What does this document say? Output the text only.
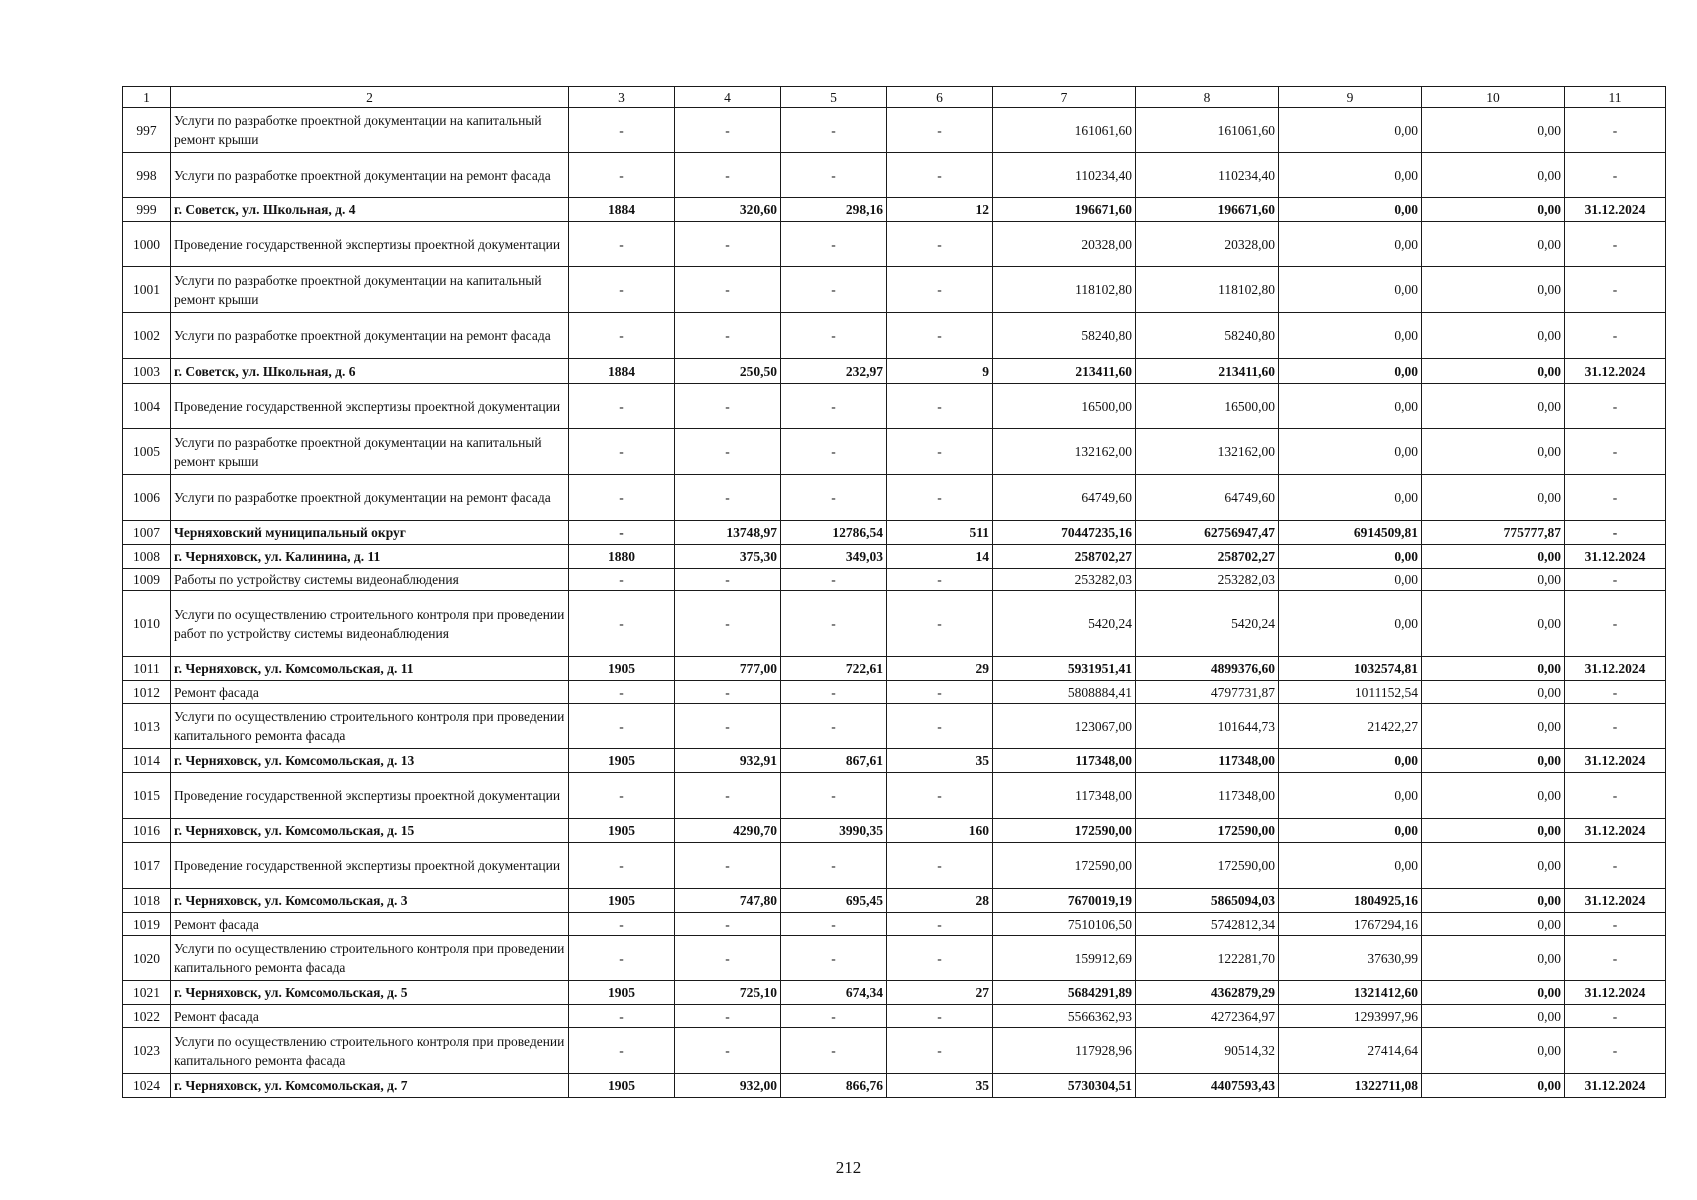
1	2	3	4	5	6	7	8	9	10	11
997	Услуги по разработке проектной документации на капитальный ремонт крыши	-	-	-	-	161061,60	161061,60	0,00	0,00	-
998	Услуги по разработке проектной документации на ремонт фасада	-	-	-	-	110234,40	110234,40	0,00	0,00	-
999	г. Советск, ул. Школьная, д. 4	1884	320,60	298,16	12	196671,60	196671,60	0,00	0,00	31.12.2024
1000	Проведение государственной экспертизы проектной документации	-	-	-	-	20328,00	20328,00	0,00	0,00	-
1001	Услуги по разработке проектной документации на капитальный ремонт крыши	-	-	-	-	118102,80	118102,80	0,00	0,00	-
1002	Услуги по разработке проектной документации на ремонт фасада	-	-	-	-	58240,80	58240,80	0,00	0,00	-
1003	г. Советск, ул. Школьная, д. 6	1884	250,50	232,97	9	213411,60	213411,60	0,00	0,00	31.12.2024
1004	Проведение государственной экспертизы проектной документации	-	-	-	-	16500,00	16500,00	0,00	0,00	-
1005	Услуги по разработке проектной документации на капитальный ремонт крыши	-	-	-	-	132162,00	132162,00	0,00	0,00	-
1006	Услуги по разработке проектной документации на ремонт фасада	-	-	-	-	64749,60	64749,60	0,00	0,00	-
1007	Черняховский муниципальный округ	-	13748,97	12786,54	511	70447235,16	62756947,47	6914509,81	775777,87	-
1008	г. Черняховск, ул. Калинина, д. 11	1880	375,30	349,03	14	258702,27	258702,27	0,00	0,00	31.12.2024
1009	Работы по устройству системы видеонаблюдения	-	-	-	-	253282,03	253282,03	0,00	0,00	-
1010	Услуги по осуществлению строительного контроля при проведении работ по устройству системы видеонаблюдения	-	-	-	-	5420,24	5420,24	0,00	0,00	-
1011	г. Черняховск, ул. Комсомольская, д. 11	1905	777,00	722,61	29	5931951,41	4899376,60	1032574,81	0,00	31.12.2024
1012	Ремонт фасада	-	-	-	-	5808884,41	4797731,87	1011152,54	0,00	-
1013	Услуги по осуществлению строительного контроля при проведении капитального ремонта фасада	-	-	-	-	123067,00	101644,73	21422,27	0,00	-
1014	г. Черняховск, ул. Комсомольская, д. 13	1905	932,91	867,61	35	117348,00	117348,00	0,00	0,00	31.12.2024
1015	Проведение государственной экспертизы проектной документации	-	-	-	-	117348,00	117348,00	0,00	0,00	-
1016	г. Черняховск, ул. Комсомольская, д. 15	1905	4290,70	3990,35	160	172590,00	172590,00	0,00	0,00	31.12.2024
1017	Проведение государственной экспертизы проектной документации	-	-	-	-	172590,00	172590,00	0,00	0,00	-
1018	г. Черняховск, ул. Комсомольская, д. 3	1905	747,80	695,45	28	7670019,19	5865094,03	1804925,16	0,00	31.12.2024
1019	Ремонт фасада	-	-	-	-	7510106,50	5742812,34	1767294,16	0,00	-
1020	Услуги по осуществлению строительного контроля при проведении капитального ремонта фасада	-	-	-	-	159912,69	122281,70	37630,99	0,00	-
1021	г. Черняховск, ул. Комсомольская, д. 5	1905	725,10	674,34	27	5684291,89	4362879,29	1321412,60	0,00	31.12.2024
1022	Ремонт фасада	-	-	-	-	5566362,93	4272364,97	1293997,96	0,00	-
1023	Услуги по осуществлению строительного контроля при проведении капитального ремонта фасада	-	-	-	-	117928,96	90514,32	27414,64	0,00	-
1024	г. Черняховск, ул. Комсомольская, д. 7	1905	932,00	866,76	35	5730304,51	4407593,43	1322711,08	0,00	31.12.2024
212
